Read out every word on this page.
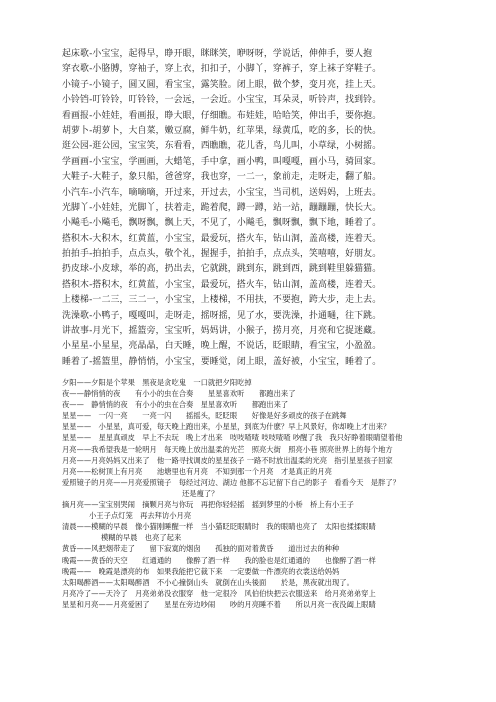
起床歌-小宝宝，起得早，睁开眼，眯眯笑，咿呀呀，学说话，伸伸手，要人抱
穿衣歌-小胳膊，穿袖子，穿上衣，扣扣子，小脚丫，穿裤子，穿上袜子穿鞋子。
小镜子-小镜子，圆又圆，看宝宝，露笑脸。闭上眼，做个梦，变月亮，挂上天。
小铃铛-叮铃铃，叮铃铃，一会远，一会近。小宝宝，耳朵灵，听铃声，找到铃。
看画报-小娃娃，看画报，睁大眼，仔细瞧。布娃娃，哈哈笑，伸出手，要你抱。
胡萝卜-胡萝卜，大自菜，嫩豆腐，鲜牛奶，红苹果，绿黄瓜，吃的多，长的快。
逛公园-逛公园，宝宝笑，东看看，西瞧瞧，花儿香，鸟儿叫，小草绿，小树摇。
学画画-小宝宝，学画画，大蜡笔，手中拿，画小鸭，叫嘎嘎，画小马，骑回家。
大鞋子-大鞋子，象只船，爸爸穿，我也穿，一二一，象前走，走呀走，翻了船。
小汽车-小汽车，嘀嘀嘀，开过来，开过去，小宝宝，当司机，送妈妈，上班去。
光脚丫-小娃娃，光脚丫，扶着走，跪着爬，蹲一蹲，站一站，蹦蹦蹦，快长大。
小飚毛-小飚毛，飘呀飘，飘上天，不见了，小飚毛，飘呀飘，飘下地，睡着了。
搭积木-大积木，红黄蓝，小宝宝，最爱玩，搭火车，钻山洞，盖高楼，连着天。
拍拍手-拍拍手，点点头，敬个礼，握握手，拍拍手，点点头，笑嘻嘻，好朋友。
扔皮球-小皮球，举的高，扔出去，它就跳，跳到东，跳到西，跳到鞋里躲猫猫。
搭积木-搭积木，红黄蓝，小宝宝，最爱玩，搭火车，钻山洞，盖高楼，连着天。
上楼梯-一二三，三二一，小宝宝，上楼梯，不用扶，不要抱，跨大步，走上去。
洗澡歌-小鸭子，嘎嘎叫，走呀走，摇呀摇，见了水，要洗澡，扑通嗵，往下跳。
讲故事-月光下，摇篮旁，宝宝听，妈妈讲，小猴子，捞月亮，月亮和它捉迷藏。
小星星-小星星，亮晶晶，白天睡，晚上醒，不说话，眨眼睛，看宝宝，小盈盈。
睡着了-摇篮里，静悄悄，小宝宝，要睡觉，闭上眼，盖好被，小宝宝，睡着了。
夕阳——夕阳是个苹果　黑夜是贪吃鬼　一口就把夕阳吃掉
夜——静悄悄的夜　　有小小的虫在合奏　　星星喜欢听　　都跑出来了
夜——　静悄悄的夜　有小小的虫在合奏　星星喜欢听　　都跑出来了
星星——　一闪一亮　　一亮一闪　　摇摇头，眨眨眼　　好像是好多顽皮的孩子在跳舞
星星——　小星星，真可爱，每天晚上跑出来，小星星，到底为什麽？早上风景好，你却晚上才出来？
星星——　星星真顽皮　早上不去玩　晚上才出来　吱吱喳喳 吱吱喳喳 吵醒了我　我只好睁着眼睛望着他
月亮——我希望我是一轮明月　每天晚上放出温柔的光芒　照亮大街　照亮小巷 照亮世界上的每个地方
月亮——月亮妈妈又出来了　他一路寻找调皮的星星孩子 一路不时放出温柔的光亮　指引星星孩子回家
月亮——松树顶上有月亮　　池塘里也有月亮　不知到那一个月亮　才是真正的月亮
爱照镜子的月亮——月亮爱照镜子　每经过河边、湖边 他都不忘记留下自己的影子　看看今天　是胖了？
还是瘦了？
摘月亮——宝宝别哭闹　摘颗月亮与你玩　再把你轻轻摇　摇到梦里的小桥　桥上有小王子
小王子点灯笼　再去拜访小月亮
清晨——模糊的早晨　像小猫刚睡醒一样　当小猫眨眨眼睛时　我的眼睛也亮了　太阳也揉揉眼睛
模糊的早晨　也亮了起来
黄昏——风把烟带走了　　留下寂寞的烟囱　　孤独的面对着黄昏　　道出过去的种种
晚霞——黄昏的天空　　红通通的　　像醉了酒一样　　我的脸也是红通通的　　也像醉了酒一样
晚霞——　晚霞是漂亮的布　如果我能把它裁下来　一定要做一件漂亮的衣裳送给妈妈
太阳喝醉酒——太阳喝醉酒　不小心撞倒山头　就倒在山头後面　　於是，黑夜就出现了。
月亮冷了——天冷了　月亮弟弟没衣服穿　他一定很冷　风伯伯快把云衣服送来　给月亮弟弟穿上
星星和月亮——月亮爱困了　　星星在旁边吵闹　　吵的月亮睡不着　　所以月亮一夜没阖上眼睛
